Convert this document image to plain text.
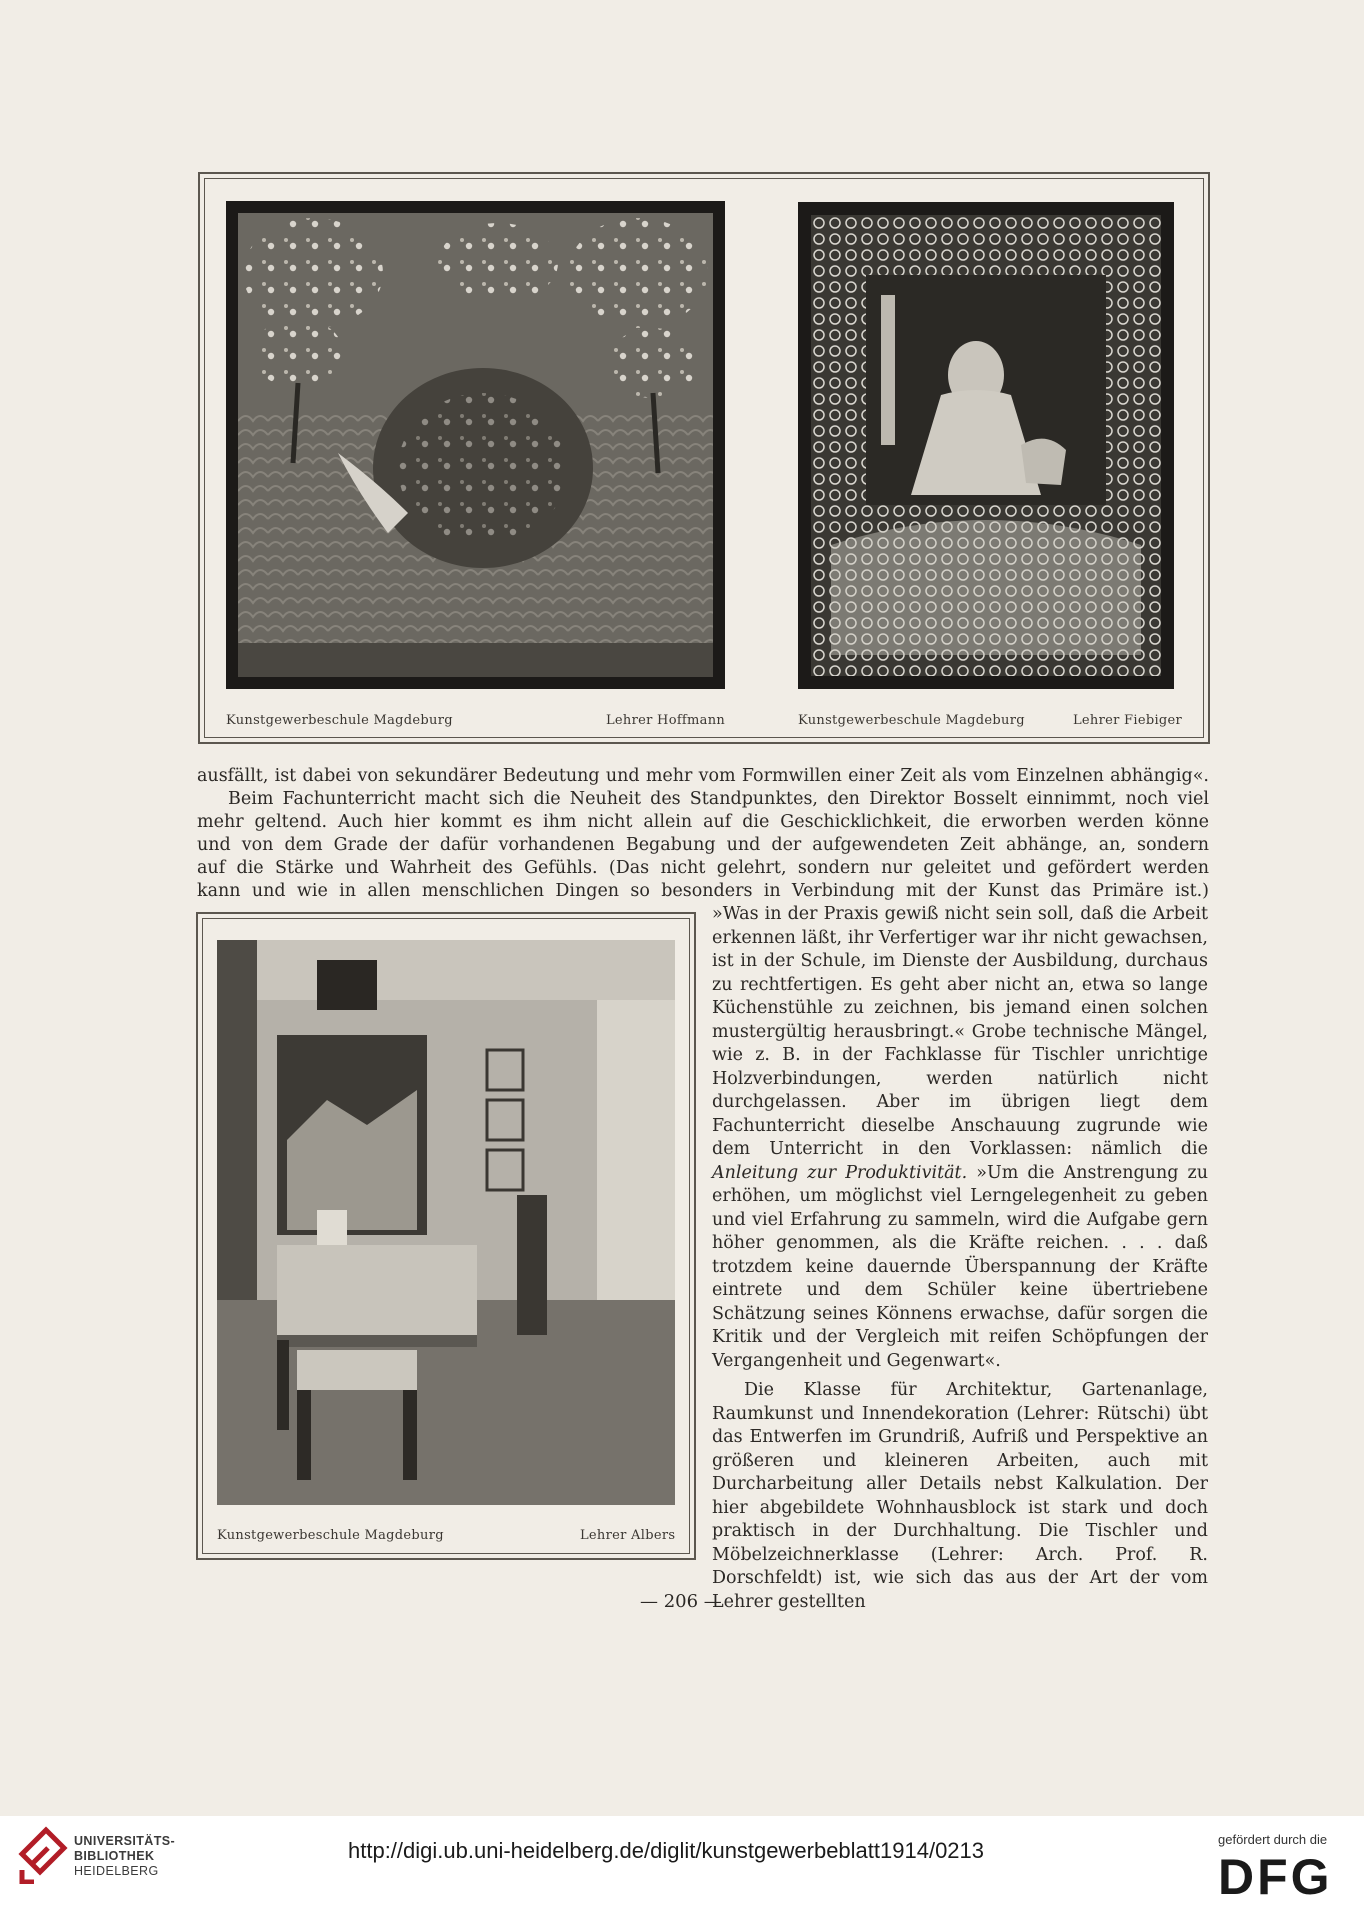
Kunstgewerbeschule Magdeburg	Lehrer Hoffmann	Kunstgewerbeschule Magdeburg	Lehrer Fiebiger
ausfällt, ist dabei von sekundärer Bedeutung und mehr vom Formwillen einer Zeit als vom Einzelnen abhängig«.
Beim Fachunterricht macht sich die Neuheit des Standpunktes, den Direktor Bosselt einnimmt, noch viel
mehr geltend. Auch hier kommt es ihm nicht allein auf die Geschicklichkeit, die erworben werden könne
und von dem Grade der dafür vorhandenen Begabung und der aufgewendeten Zeit abhänge, an, sondern
auf die Stärke und Wahrheit des Gefühls. (Das nicht gelehrt, sondern nur geleitet und gefördert werden
kann und wie in allen menschlichen Dingen so besonders in Verbindung mit der Kunst das Primäre ist.)
Kunstgewerbeschule Magdeburg	Lehrer Albers

»Was in der Praxis gewiß nicht sein soll, daß die Arbeit erkennen läßt, ihr Verfertiger war ihr nicht gewachsen, ist in der Schule, im Dienste der Ausbildung, durchaus zu rechtfertigen. Es geht aber nicht an, etwa so lange Küchenstühle zu zeichnen, bis jemand einen solchen mustergültig herausbringt.« Grobe technische Mängel, wie z. B. in der Fachklasse für Tischler unrichtige Holzverbindungen, werden natürlich nicht durchgelassen. Aber im übrigen liegt dem Fachunterricht dieselbe Anschauung zugrunde wie dem Unterricht in den Vorklassen: nämlich die Anleitung zur Produktivität. »Um die Anstrengung zu erhöhen, um möglichst viel Lerngelegenheit zu geben und viel Erfahrung zu sammeln, wird die Aufgabe gern höher genommen, als die Kräfte reichen. . . . daß trotzdem keine dauernde Überspannung der Kräfte eintrete und dem Schüler keine übertriebene Schätzung seines Könnens erwachse, dafür sorgen die Kritik und der Vergleich mit reifen Schöpfungen der Vergangenheit und Gegenwart«.

Die Klasse für Architektur, Gartenanlage, Raumkunst und Innendekoration (Lehrer: Rütschi) übt das Entwerfen im Grundriß, Aufriß und Perspektive an größeren und kleineren Arbeiten, auch mit Durcharbeitung aller Details nebst Kalkulation. Der hier abgebildete Wohnhausblock ist stark und doch praktisch in der Durchhaltung. Die Tischler und Möbelzeichnerklasse (Lehrer: Arch. Prof. R. Dorschfeldt) ist, wie sich das aus der Art der vom Lehrer gestellten

— 206 —
UNIVERSITÄTS-
BIBLIOTHEK
HEIDELBERG
http://digi.ub.uni-heidelberg.de/diglit/kunstgewerbeblatt1914/0213	gefördert durch die
DFG
